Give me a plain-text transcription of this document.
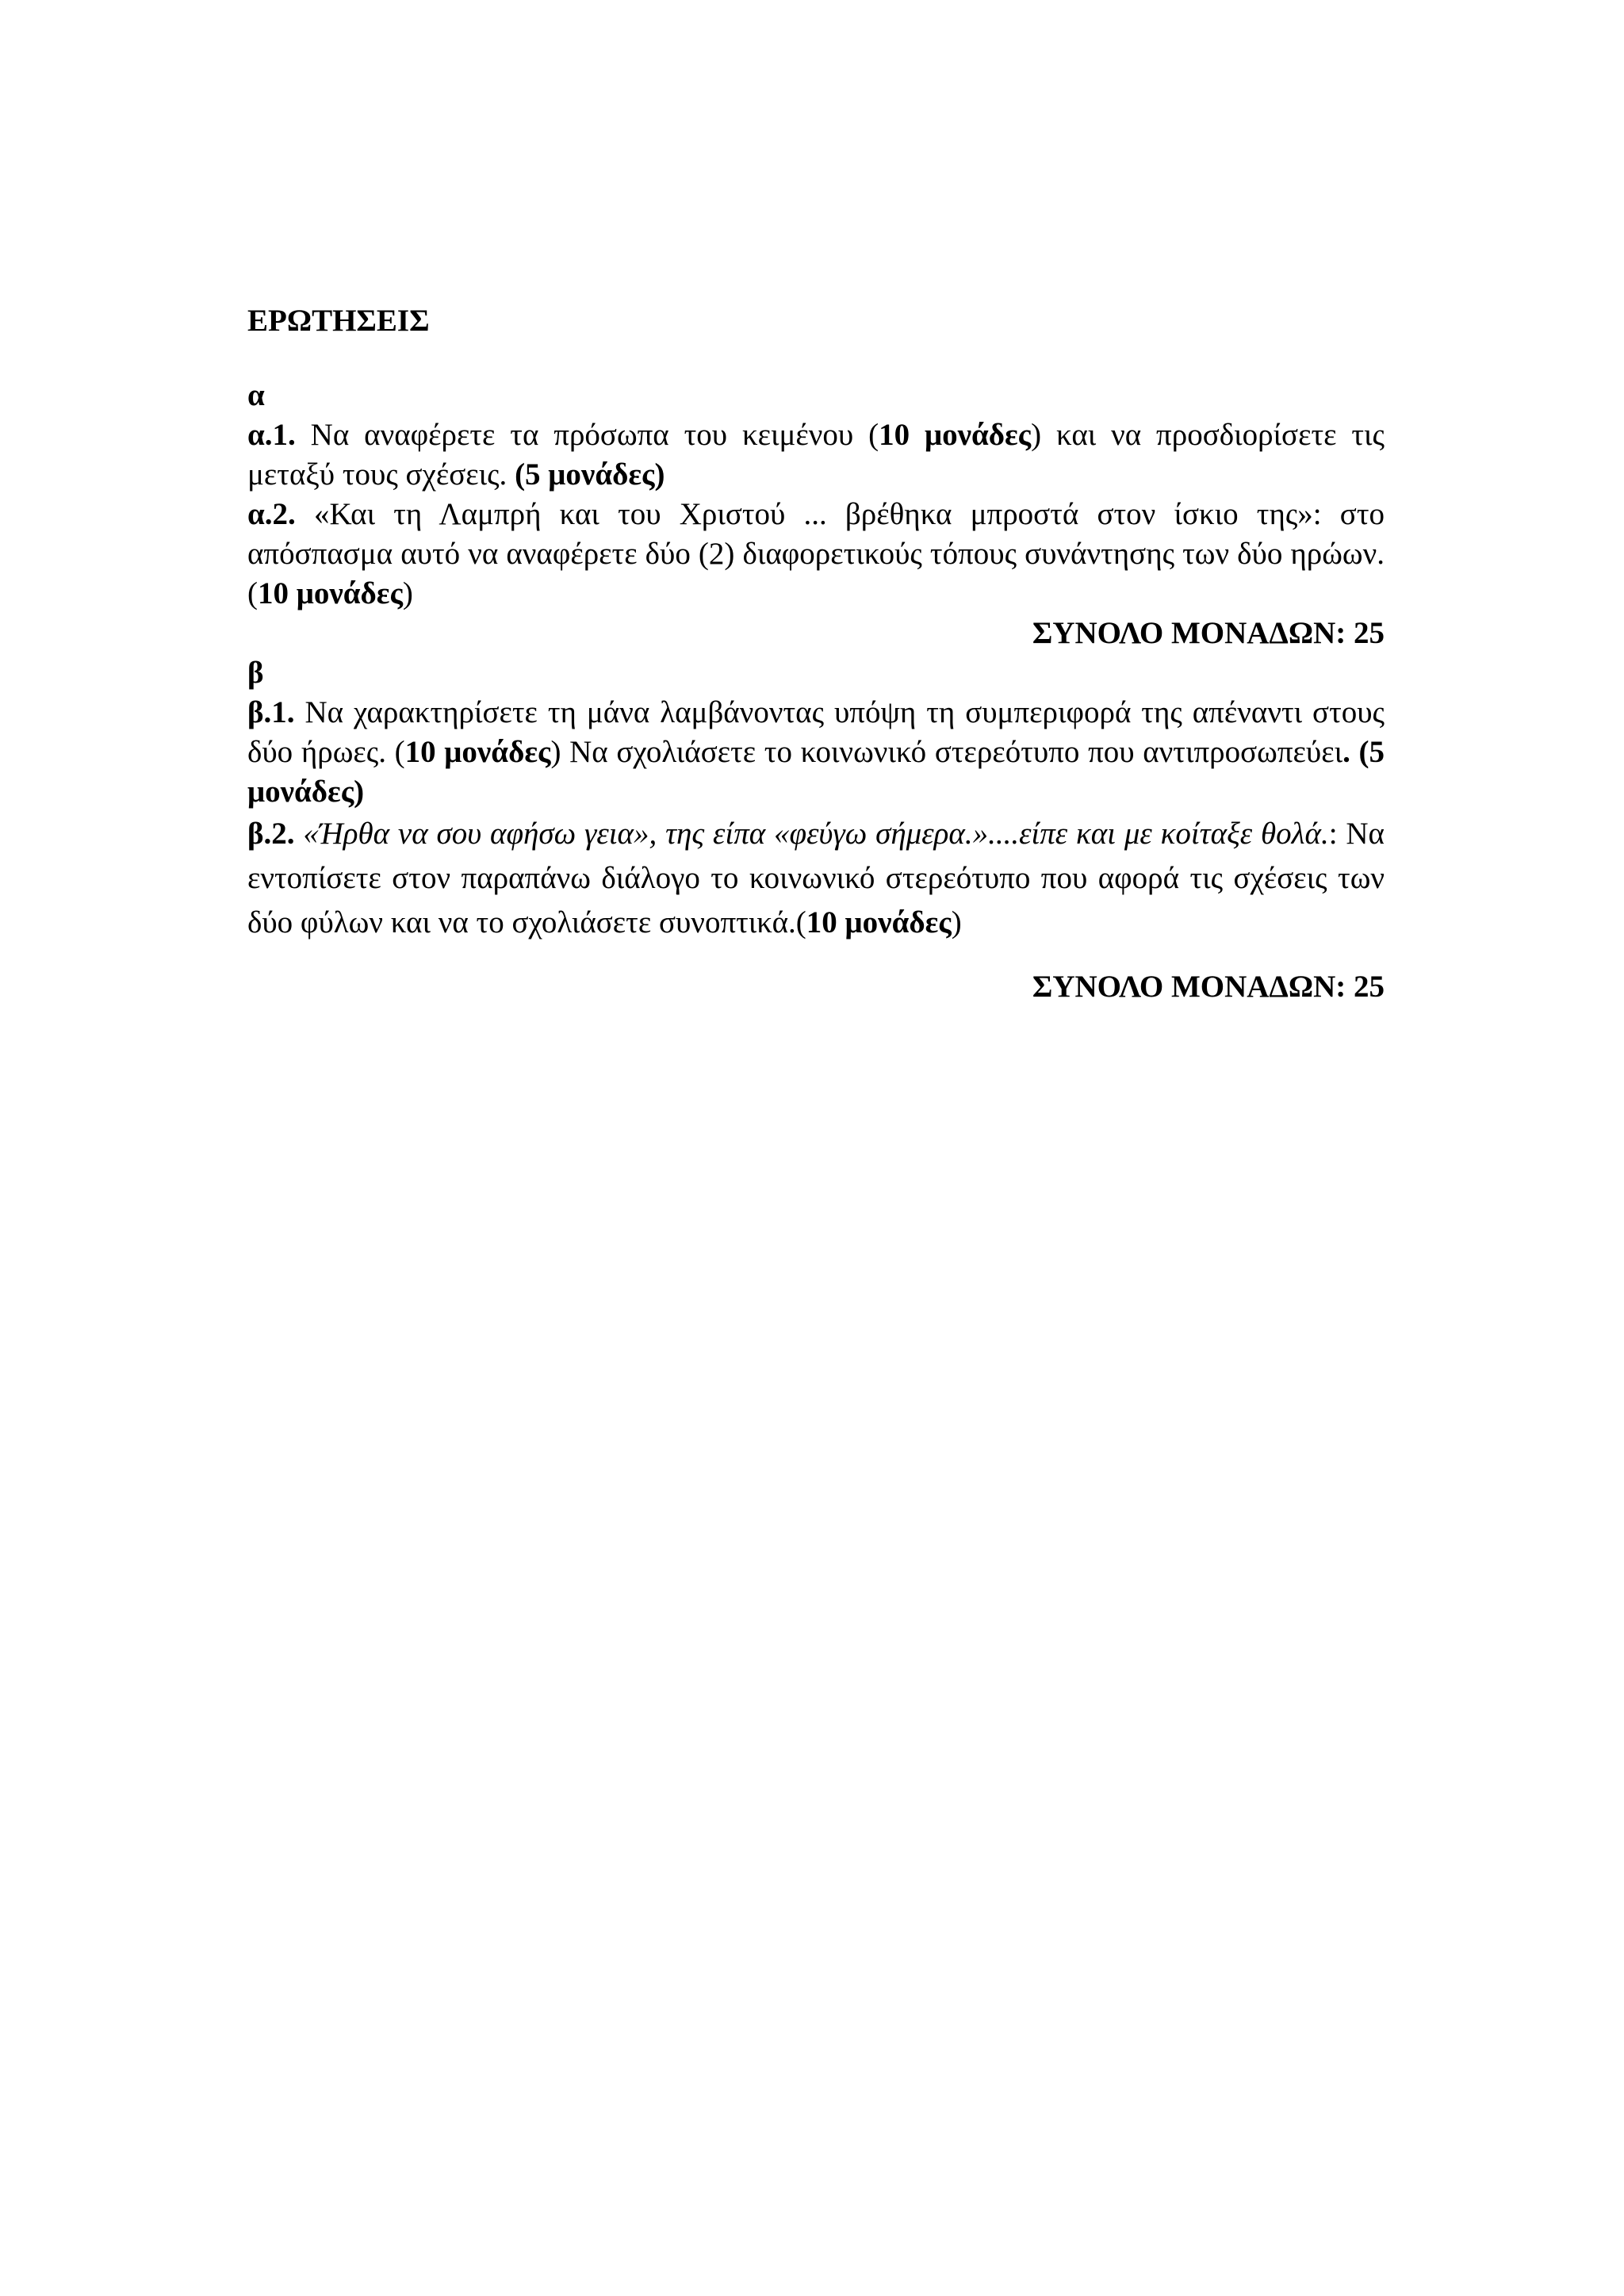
ΕΡΩΤΗΣΕΙΣ

α

α.1. Να αναφέρετε τα πρόσωπα του κειμένου (10 μονάδες) και να προσδιορίσετε τις μεταξύ τους σχέσεις. (5 μονάδες)

α.2. «Και τη Λαμπρή και του Χριστού ... βρέθηκα μπροστά στον ίσκιο της»: στο απόσπασμα αυτό να αναφέρετε δύο (2) διαφορετικούς τόπους συνάντησης των δύο ηρώων. (10 μονάδες)

ΣΥΝΟΛΟ ΜΟΝΑΔΩΝ: 25

β

β.1. Να χαρακτηρίσετε τη μάνα λαμβάνοντας υπόψη τη συμπεριφορά της απέναντι στους δύο ήρωες. (10 μονάδες) Να σχολιάσετε το κοινωνικό στερεότυπο που αντιπροσωπεύει. (5 μονάδες)

β.2. «Ήρθα να σου αφήσω γεια», της είπα «φεύγω σήμερα.»....είπε και με κοίταξε θολά.: Να εντοπίσετε στον παραπάνω διάλογο το κοινωνικό στερεότυπο που αφορά τις σχέσεις των δύο φύλων και να το σχολιάσετε συνοπτικά.(10 μονάδες)

ΣΥΝΟΛΟ ΜΟΝΑΔΩΝ: 25
